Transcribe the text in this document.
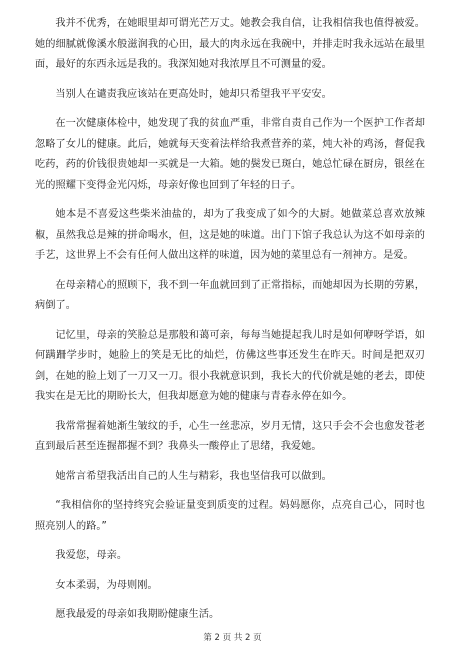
我并不优秀，在她眼里却可谓光芒万丈。她教会我自信，让我相信我也值得被爱。她的细腻就像溪水般滋润我的心田，最大的肉永远在我碗中，并排走时我永远站在最里面，最好的东西永远是我的。我深知她对我浓厚且不可测量的爱。

当别人在谴责我应该站在更高处时，她却只希望我平平安安。

在一次健康体检中，她发现了我的贫血严重，非常自责自己作为一个医护工作者却忽略了女儿的健康。此后，她就每天变着法样给我煮营养的菜，炖大补的鸡汤，督促我吃药，药的价钱很贵她却一买就是一大箱。她的鬓发已斑白，她总忙碌在厨房，银丝在光的照耀下变得金光闪烁，母亲好像也回到了年轻的日子。

她本是不喜爱这些柴米油盐的，却为了我变成了如今的大厨。她做菜总喜欢放辣椒，虽然我总是辣的拼命喝水，但，这是她的味道。出门下馆子我总认为这不如母亲的手艺，这世界上不会有任何人做出这样的味道，因为她的菜里总有一剂神方。是爱。

在母亲精心的照顾下，我不到一年血就回到了正常指标，而她却因为长期的劳累，病倒了。

记忆里，母亲的笑脸总是那般和蔼可亲，每每当她提起我儿时是如何咿呀学语，如何蹒跚学步时，她脸上的笑是无比的灿烂，仿佛这些事还发生在昨天。时间是把双刃剑，在她的脸上划了一刀又一刀。很小我就意识到，我长大的代价就是她的老去，即使我实在是无比的期盼长大，但我却愿意为她的健康与青春永停在如今。

我常常握着她渐生皱纹的手，心生一丝悲凉，岁月无情，这只手会不会也愈发苍老直到最后甚至连握都握不到？我鼻头一酸停止了思绪，我爱她。

她常言希望我活出自己的人生与精彩，我也坚信我可以做到。

“我相信你的坚持终究会验证量变到质变的过程。妈妈愿你，点亮自己心，同时也照亮别人的路。”

我爱您，母亲。

女本柔弱，为母则刚。

愿我最爱的母亲如我期盼健康生活。

第 2 页 共 2 页
